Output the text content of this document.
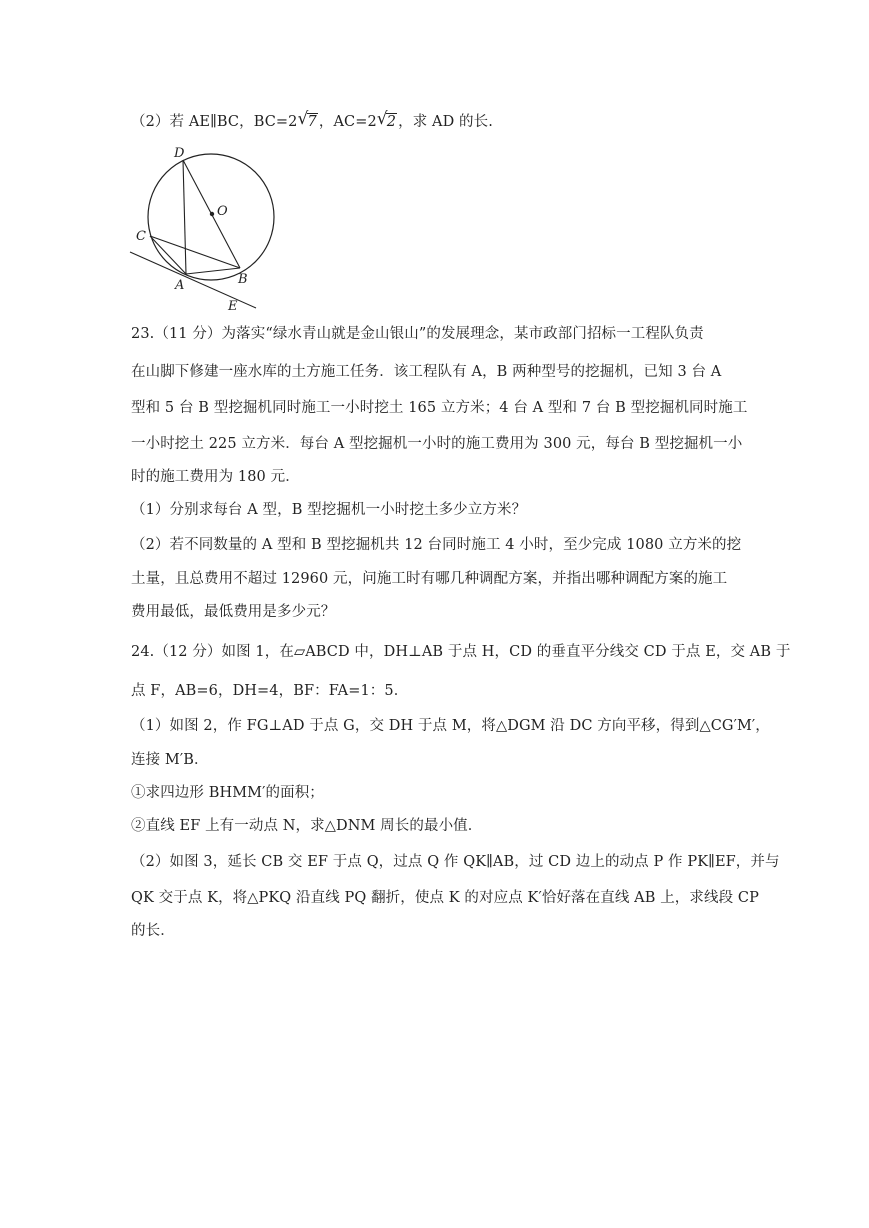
（2）若 AE∥BC，BC=2 √ 7 ，AC=2 √ 2 ，求 AD 的长.
D
O
C
A	B
E
23.（11 分）为落实“绿水青山就是金山银山”的发展理念，某市政部门招标一工程队负责
在山脚下修建一座水库的土方施工任务．该工程队有 A，B 两种型号的挖掘机，已知 3 台 A
型和 5 台 B 型挖掘机同时施工一小时挖土 165 立方米；4 台 A 型和 7 台 B 型挖掘机同时施工
一小时挖土 225 立方米．每台 A 型挖掘机一小时的施工费用为 300 元，每台 B 型挖掘机一小
时的施工费用为 180 元．
（1）分别求每台 A 型，B 型挖掘机一小时挖土多少立方米？
（2）若不同数量的 A 型和 B 型挖掘机共 12 台同时施工 4 小时，至少完成 1080 立方米的挖
土量，且总费用不超过 12960 元，问施工时有哪几种调配方案，并指出哪种调配方案的施工
费用最低，最低费用是多少元？
24.（12 分）如图 1，在▱ABCD 中，DH⊥AB 于点 H，CD 的垂直平分线交 CD 于点 E，交 AB 于
点 F，AB=6，DH=4，BF：FA=1：5．
（1）如图 2，作 FG⊥AD 于点 G，交 DH 于点 M，将△DGM 沿 DC 方向平移，得到△CG′M′，
连接 M′B．
①求四边形 BHMM′的面积；
②直线 EF 上有一动点 N，求△DNM 周长的最小值．
（2）如图 3，延长 CB 交 EF 于点 Q，过点 Q 作 QK∥AB，过 CD 边上的动点 P 作 PK∥EF，并与
QK 交于点 K，将△PKQ 沿直线 PQ 翻折，使点 K 的对应点 K′恰好落在直线 AB 上，求线段 CP
的长．
